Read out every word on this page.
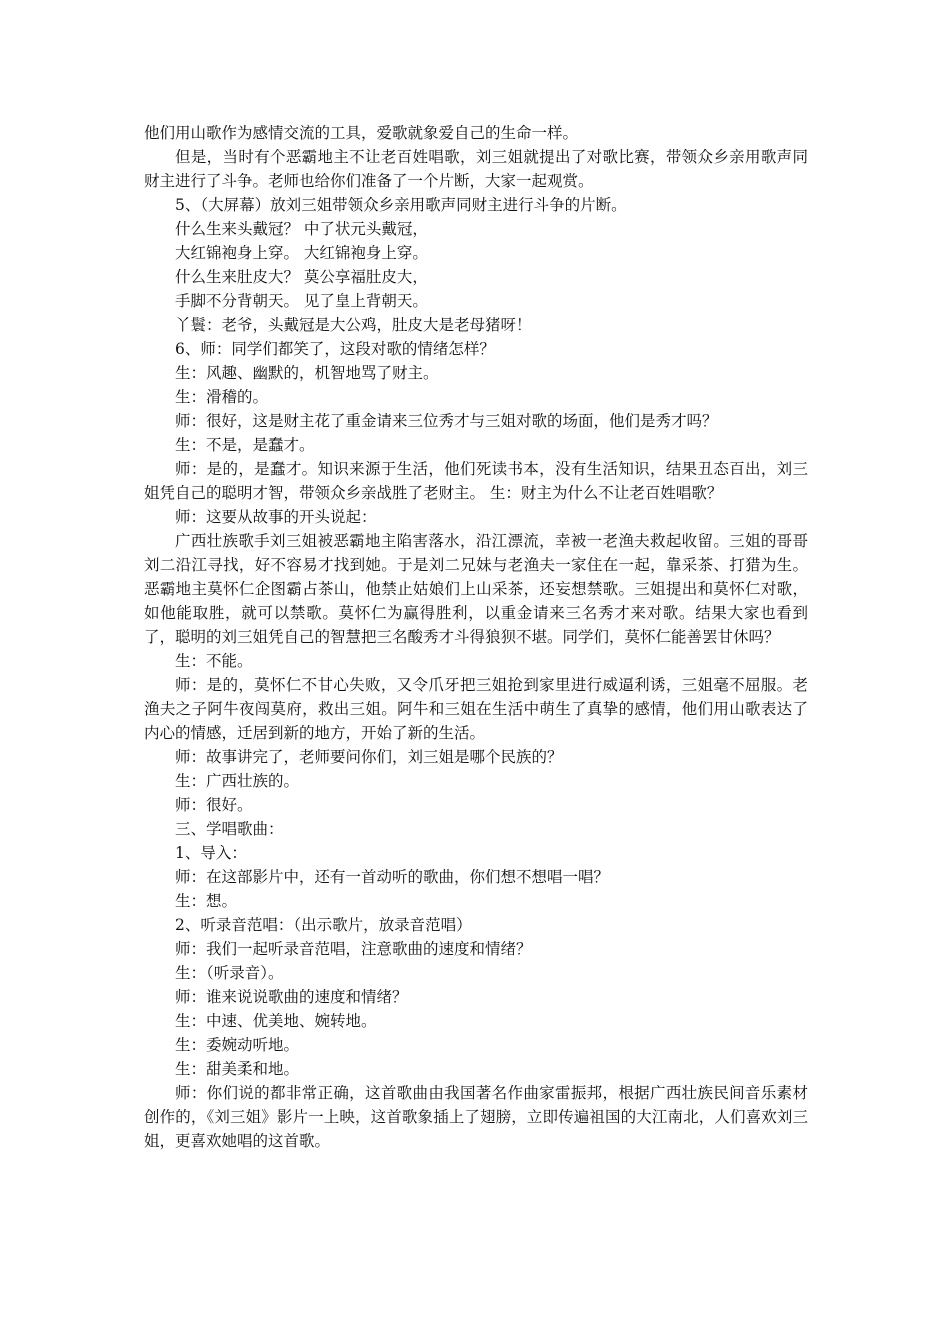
他们用山歌作为感情交流的工具，爱歌就象爱自己的生命一样。

但是，当时有个恶霸地主不让老百姓唱歌，刘三姐就提出了对歌比赛，带领众乡亲用歌声同财主进行了斗争。老师也给你们准备了一个片断，大家一起观赏。

5、（大屏幕）放刘三姐带领众乡亲用歌声同财主进行斗争的片断。

什么生来头戴冠？ 中了状元头戴冠，

大红锦袍身上穿。 大红锦袍身上穿。

什么生来肚皮大？ 莫公享福肚皮大，

手脚不分背朝天。 见了皇上背朝天。

丫鬟：老爷，头戴冠是大公鸡，肚皮大是老母猪呀！

6、师：同学们都笑了，这段对歌的情绪怎样？

生：风趣、幽默的，机智地骂了财主。

生：滑稽的。

师：很好，这是财主花了重金请来三位秀才与三姐对歌的场面，他们是秀才吗？

生：不是，是蠢才。

师：是的，是蠢才。知识来源于生活，他们死读书本，没有生活知识，结果丑态百出，刘三姐凭自己的聪明才智，带领众乡亲战胜了老财主。 生：财主为什么不让老百姓唱歌？

师：这要从故事的开头说起：

广西壮族歌手刘三姐被恶霸地主陷害落水，沿江漂流，幸被一老渔夫救起收留。三姐的哥哥刘二沿江寻找，好不容易才找到她。于是刘二兄妹与老渔夫一家住在一起，靠采茶、打猎为生。恶霸地主莫怀仁企图霸占茶山，他禁止姑娘们上山采茶，还妄想禁歌。三姐提出和莫怀仁对歌，如他能取胜，就可以禁歌。莫怀仁为赢得胜利，以重金请来三名秀才来对歌。结果大家也看到了，聪明的刘三姐凭自己的智慧把三名酸秀才斗得狼狈不堪。同学们，莫怀仁能善罢甘休吗？

生：不能。

师：是的，莫怀仁不甘心失败，又令爪牙把三姐抢到家里进行威逼利诱，三姐毫不屈服。老渔夫之子阿牛夜闯莫府，救出三姐。阿牛和三姐在生活中萌生了真挚的感情，他们用山歌表达了内心的情感，迁居到新的地方，开始了新的生活。

师：故事讲完了，老师要问你们，刘三姐是哪个民族的？

生：广西壮族的。

师：很好。

三、学唱歌曲：

1、导入：

师：在这部影片中，还有一首动听的歌曲，你们想不想唱一唱？

生：想。

2、听录音范唱：（出示歌片，放录音范唱）

师：我们一起听录音范唱，注意歌曲的速度和情绪？

生：（听录音）。

师：谁来说说歌曲的速度和情绪？

生：中速、优美地、婉转地。

生：委婉动听地。

生：甜美柔和地。

师：你们说的都非常正确，这首歌曲由我国著名作曲家雷振邦，根据广西壮族民间音乐素材创作的，《刘三姐》影片一上映，这首歌象插上了翅膀，立即传遍祖国的大江南北，人们喜欢刘三姐，更喜欢她唱的这首歌。
